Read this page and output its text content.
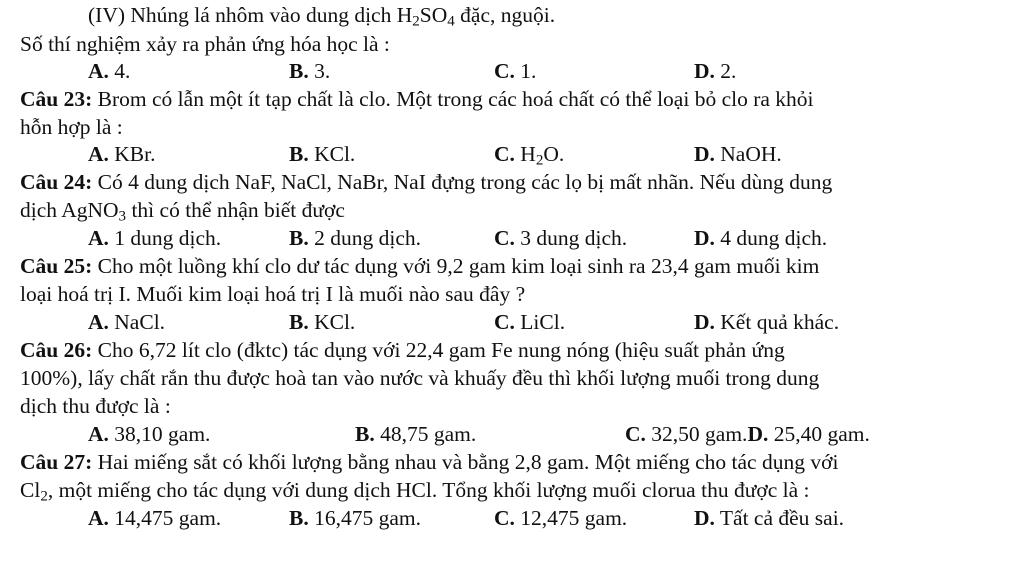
(IV) Nhúng lá nhôm vào dung dịch $H_2SO_4$ đặc, nguội.
Số thí nghiệm xảy ra phản ứng hóa học là :
A. 4.	B. 3.	C. 1.	D. 2.
Câu 23: Brom có lẫn một ít tạp chất là clo. Một trong các hoá chất có thể loại bỏ clo ra khỏi
hỗn hợp là :
A. KBr.	B. KCl.	C. $H_2O$.	D. NaOH.
Câu 24: Có 4 dung dịch NaF, NaCl, NaBr, NaI đựng trong các lọ bị mất nhãn. Nếu dùng dung
dịch AgNO$_3$ thì có thể nhận biết được
A. 1 dung dịch.	B. 2 dung dịch.	C. 3 dung dịch.	D. 4 dung dịch.
Câu 25: Cho một luồng khí clo dư tác dụng với 9,2 gam kim loại sinh ra 23,4 gam muối kim
loại hoá trị I. Muối kim loại hoá trị I là muối nào sau đây ?
A. NaCl.	B. KCl.	C. LiCl.	D. Kết quả khác.
Câu 26: Cho 6,72 lít clo (đktc) tác dụng với 22,4 gam Fe nung nóng (hiệu suất phản ứng
100%), lấy chất rắn thu được hoà tan vào nước và khuấy đều thì khối lượng muối trong dung
dịch thu được là :
A. 38,10 gam.	B. 48,75 gam.	C. 32,50 gam.D. 25,40 gam.
Câu 27: Hai miếng sắt có khối lượng bằng nhau và bằng 2,8 gam. Một miếng cho tác dụng với
$Cl_2$, một miếng cho tác dụng với dung dịch HCl. Tổng khối lượng muối clorua thu được là :
A. 14,475 gam.	B. 16,475 gam.	C. 12,475 gam.	D. Tất cả đều sai.
